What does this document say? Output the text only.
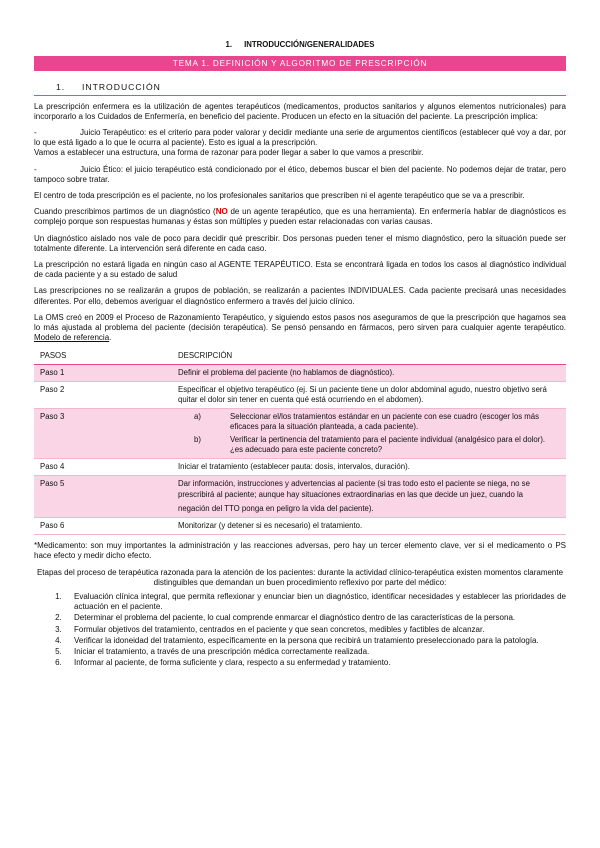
1. INTRODUCCIÓN/GENERALIDADES
TEMA 1. DEFINICIÓN Y ALGORITMO DE PRESCRIPCIÓN
1. INTRODUCCIÓN

La prescripción enfermera es la utilización de agentes terapéuticos (medicamentos, productos sanitarios y algunos elementos nutricionales) para incorporarlo a los Cuidados de Enfermería, en beneficio del paciente. Producen un efecto en la situación del paciente. La prescripción implica:

-	Juicio Terapéutico: es el criterio para poder valorar y decidir mediante una serie de argumentos científicos (establecer qué voy a dar, por lo que está ligado a lo que le ocurra al paciente). Esto es igual a la prescripción.

Vamos a establecer una estructura, una forma de razonar para poder llegar a saber lo que vamos a prescribir.

-	Juicio Ético: el juicio terapéutico está condicionado por el ético, debemos buscar el bien del paciente. No podemos dejar de tratar, pero tampoco sobre tratar.

El centro de toda prescripción es el paciente, no los profesionales sanitarios que prescriben ni el agente terapéutico que se va a prescribir.

Cuando prescribimos partimos de un diagnóstico (NO de un agente terapéutico, que es una herramienta). En enfermería hablar de diagnósticos es complejo porque son respuestas humanas y éstas son múltiples y pueden estar relacionadas con varias causas.

Un diagnóstico aislado nos vale de poco para decidir qué prescribir. Dos personas pueden tener el mismo diagnóstico, pero la situación puede ser totalmente diferente. La intervención será diferente en cada caso.

La prescripción no estará ligada en ningún caso al AGENTE TERAPÉUTICO. Esta se encontrará ligada en todos los casos al diagnóstico individual de cada paciente y a su estado de salud

Las prescripciones no se realizarán a grupos de población, se realizarán a pacientes INDIVIDUALES. Cada paciente precisará unas necesidades diferentes. Por ello, debemos averiguar el diagnóstico enfermero a través del juicio clínico.

La OMS creó en 2009 el Proceso de Razonamiento Terapéutico, y siguiendo estos pasos nos aseguramos de que la prescripción que hagamos sea lo más ajustada al problema del paciente (decisión terapéutica). Se pensó pensando en fármacos, pero sirven para cualquier agente terapéutico. Modelo de referencia.

PASOS	DESCRIPCIÓN
Paso 1	Definir el problema del paciente (no hablamos de diagnóstico).
Paso 2	Especificar el objetivo terapéutico (ej. Si un paciente tiene un dolor abdominal agudo, nuestro objetivo será quitar el dolor sin tener en cuenta qué está ocurriendo en el abdomen).
Paso 3	a) Seleccionar el/los tratamientos estándar en un paciente con ese cuadro (escoger los más eficaces para la situación planteada, a cada paciente).
b) Verificar la pertinencia del tratamiento para el paciente individual (analgésico para el dolor). ¿es adecuado para este paciente concreto?

Paso 4	Iniciar el tratamiento (establecer pauta: dosis, intervalos, duración).
Paso 5	Dar información, instrucciones y advertencias al paciente (si tras todo esto el paciente se niega, no se prescribirá al paciente; aunque hay situaciones extraordinarias en las que decide un juez, cuando la
negación del TTO ponga en peligro la vida del paciente).

Paso 6	Monitorizar (y detener si es necesario) el tratamiento.

*Medicamento: son muy importantes la administración y las reacciones adversas, pero hay un tercer elemento clave, ver si el medicamento o PS hace efecto y medir dicho efecto.

Etapas del proceso de terapéutica razonada para la atención de los pacientes: durante la actividad clínico-terapéutica existen momentos claramente distinguibles que demandan un buen procedimiento reflexivo por parte del médico:

1. Evaluación clínica integral, que permita reflexionar y enunciar bien un diagnóstico, identificar necesidades y establecer las prioridades de actuación en el paciente.
2. Determinar el problema del paciente, lo cual comprende enmarcar el diagnóstico dentro de las características de la persona.
3. Formular objetivos del tratamiento, centrados en el paciente y que sean concretos, medibles y factibles de alcanzar.
4. Verificar la idoneidad del tratamiento, específicamente en la persona que recibirá un tratamiento preseleccionado para la patología.
5. Iniciar el tratamiento, a través de una prescripción médica correctamente realizada.
6. Informar al paciente, de forma suficiente y clara, respecto a su enfermedad y tratamiento.
